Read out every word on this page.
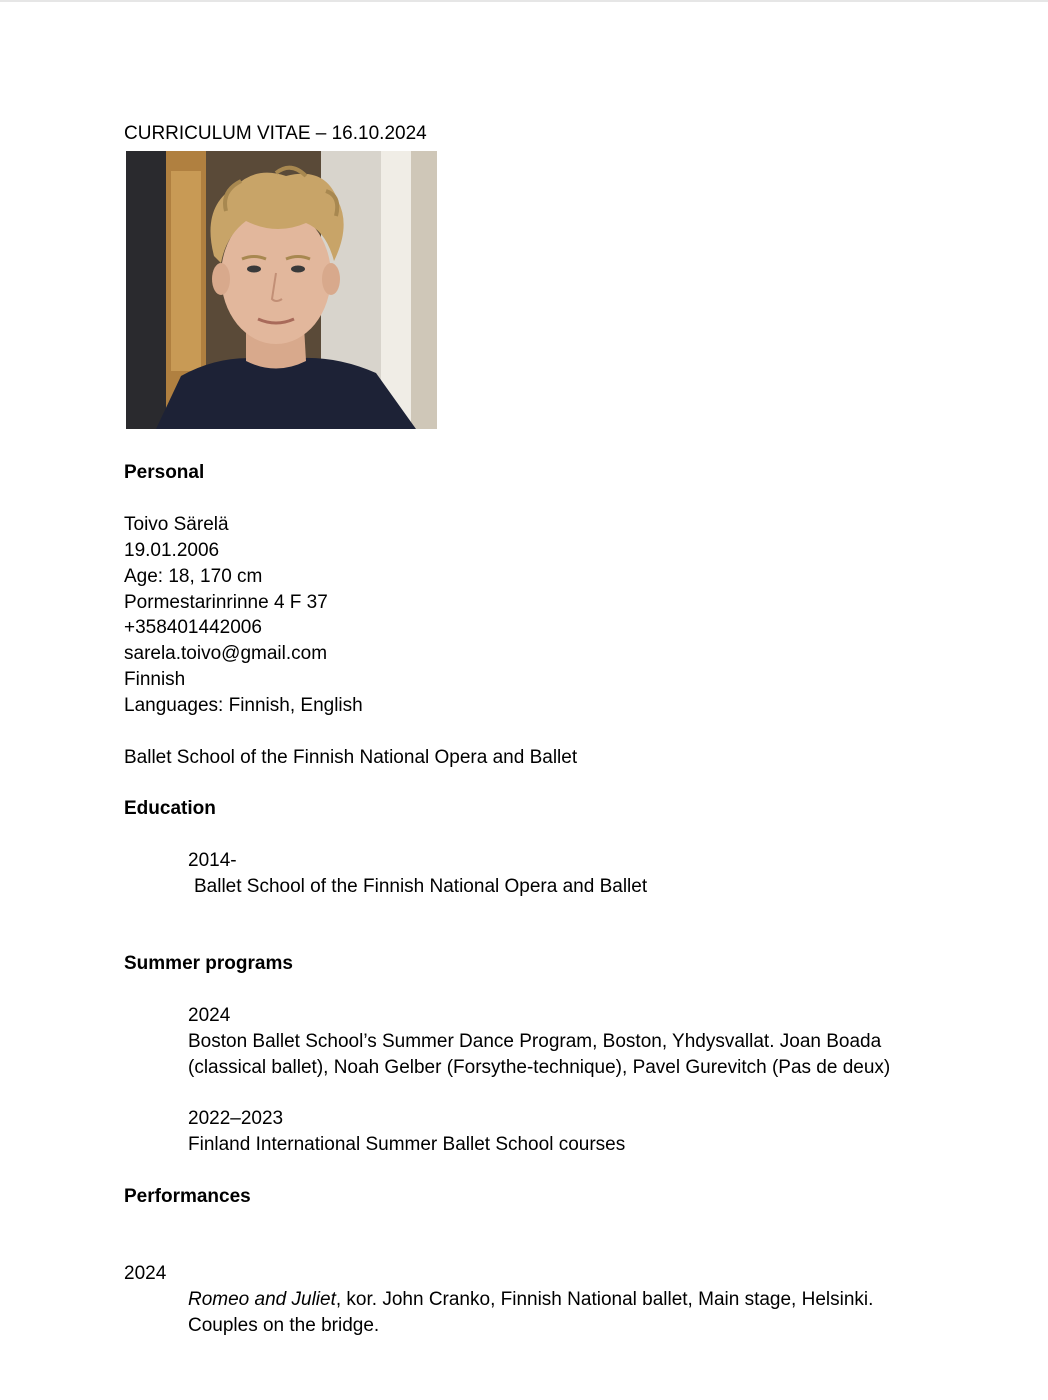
CURRICULUM VITAE – 16.10.2024
Personal
Toivo Särelä
19.01.2006
Age: 18, 170 cm
Pormestarinrinne 4 F 37
+358401442006
sarela.toivo@gmail.com
Finnish
Languages: Finnish, English
Ballet School of the Finnish National Opera and Ballet
Education
2014-
Ballet School of the Finnish National Opera and Ballet
Summer programs
2024
Boston Ballet School’s Summer Dance Program, Boston, Yhdysvallat. Joan Boada
(classical ballet), Noah Gelber (Forsythe-technique), Pavel Gurevitch (Pas de deux)
2022–2023
Finland International Summer Ballet School courses
Performances
2024
Romeo and Juliet, kor. John Cranko, Finnish National ballet, Main stage, Helsinki.
Couples on the bridge.
